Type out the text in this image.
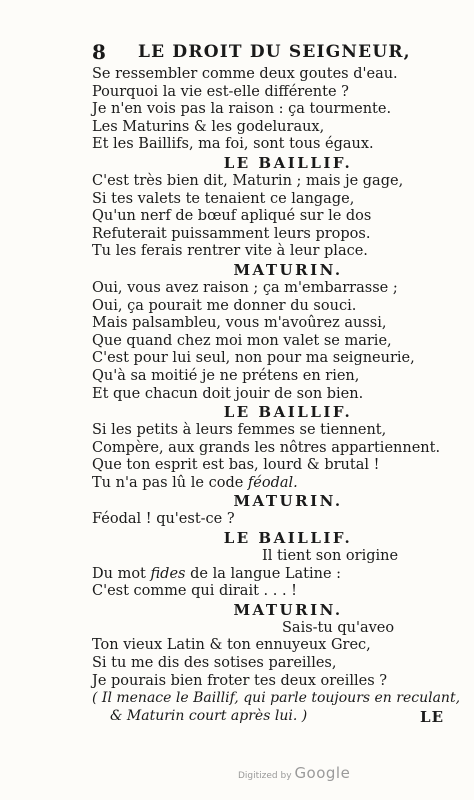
8 LE DROIT DU SEIGNEUR,
Se ressembler comme deux goutes d'eau.
Pourquoi la vie est-elle différente ?
Je n'en vois pas la raison : ça tourmente.
Les Maturins & les godeluraux,
Et les Baillifs, ma foi, sont tous égaux.
LE BAILLIF.
C'est très bien dit, Maturin ; mais je gage,
Si tes valets te tenaient ce langage,
Qu'un nerf de bœuf apliqué sur le dos
Refuterait puissamment leurs propos.
Tu les ferais rentrer vite à leur place.
MATURIN.
Oui, vous avez raison ; ça m'embarrasse ;
Oui, ça pourait me donner du souci.
Mais palsambleu, vous m'avoûrez aussi,
Que quand chez moi mon valet se marie,
C'est pour lui seul, non pour ma seigneurie,
Qu'à sa moitié je ne prétens en rien,
Et que chacun doit jouir de son bien.
LE BAILLIF.
Si les petits à leurs femmes se tiennent,
Compère, aux grands les nôtres appartiennent.
Que ton esprit est bas, lourd & brutal !
Tu n'a pas lû le code féodal.
MATURIN.
Féodal ! qu'est-ce ?
LE BAILLIF.
Il tient son origine
Du mot fides de la langue Latine :
C'est comme qui dirait . . . !
MATURIN.
Sais-tu qu'aveo
Ton vieux Latin & ton ennuyeux Grec,
Si tu me dis des sotises pareilles,
Je pourais bien froter tes deux oreilles ?
( Il menace le Baillif, qui parle toujours en reculant,
& Maturin court après lui. )	LE
Digitized by Google
